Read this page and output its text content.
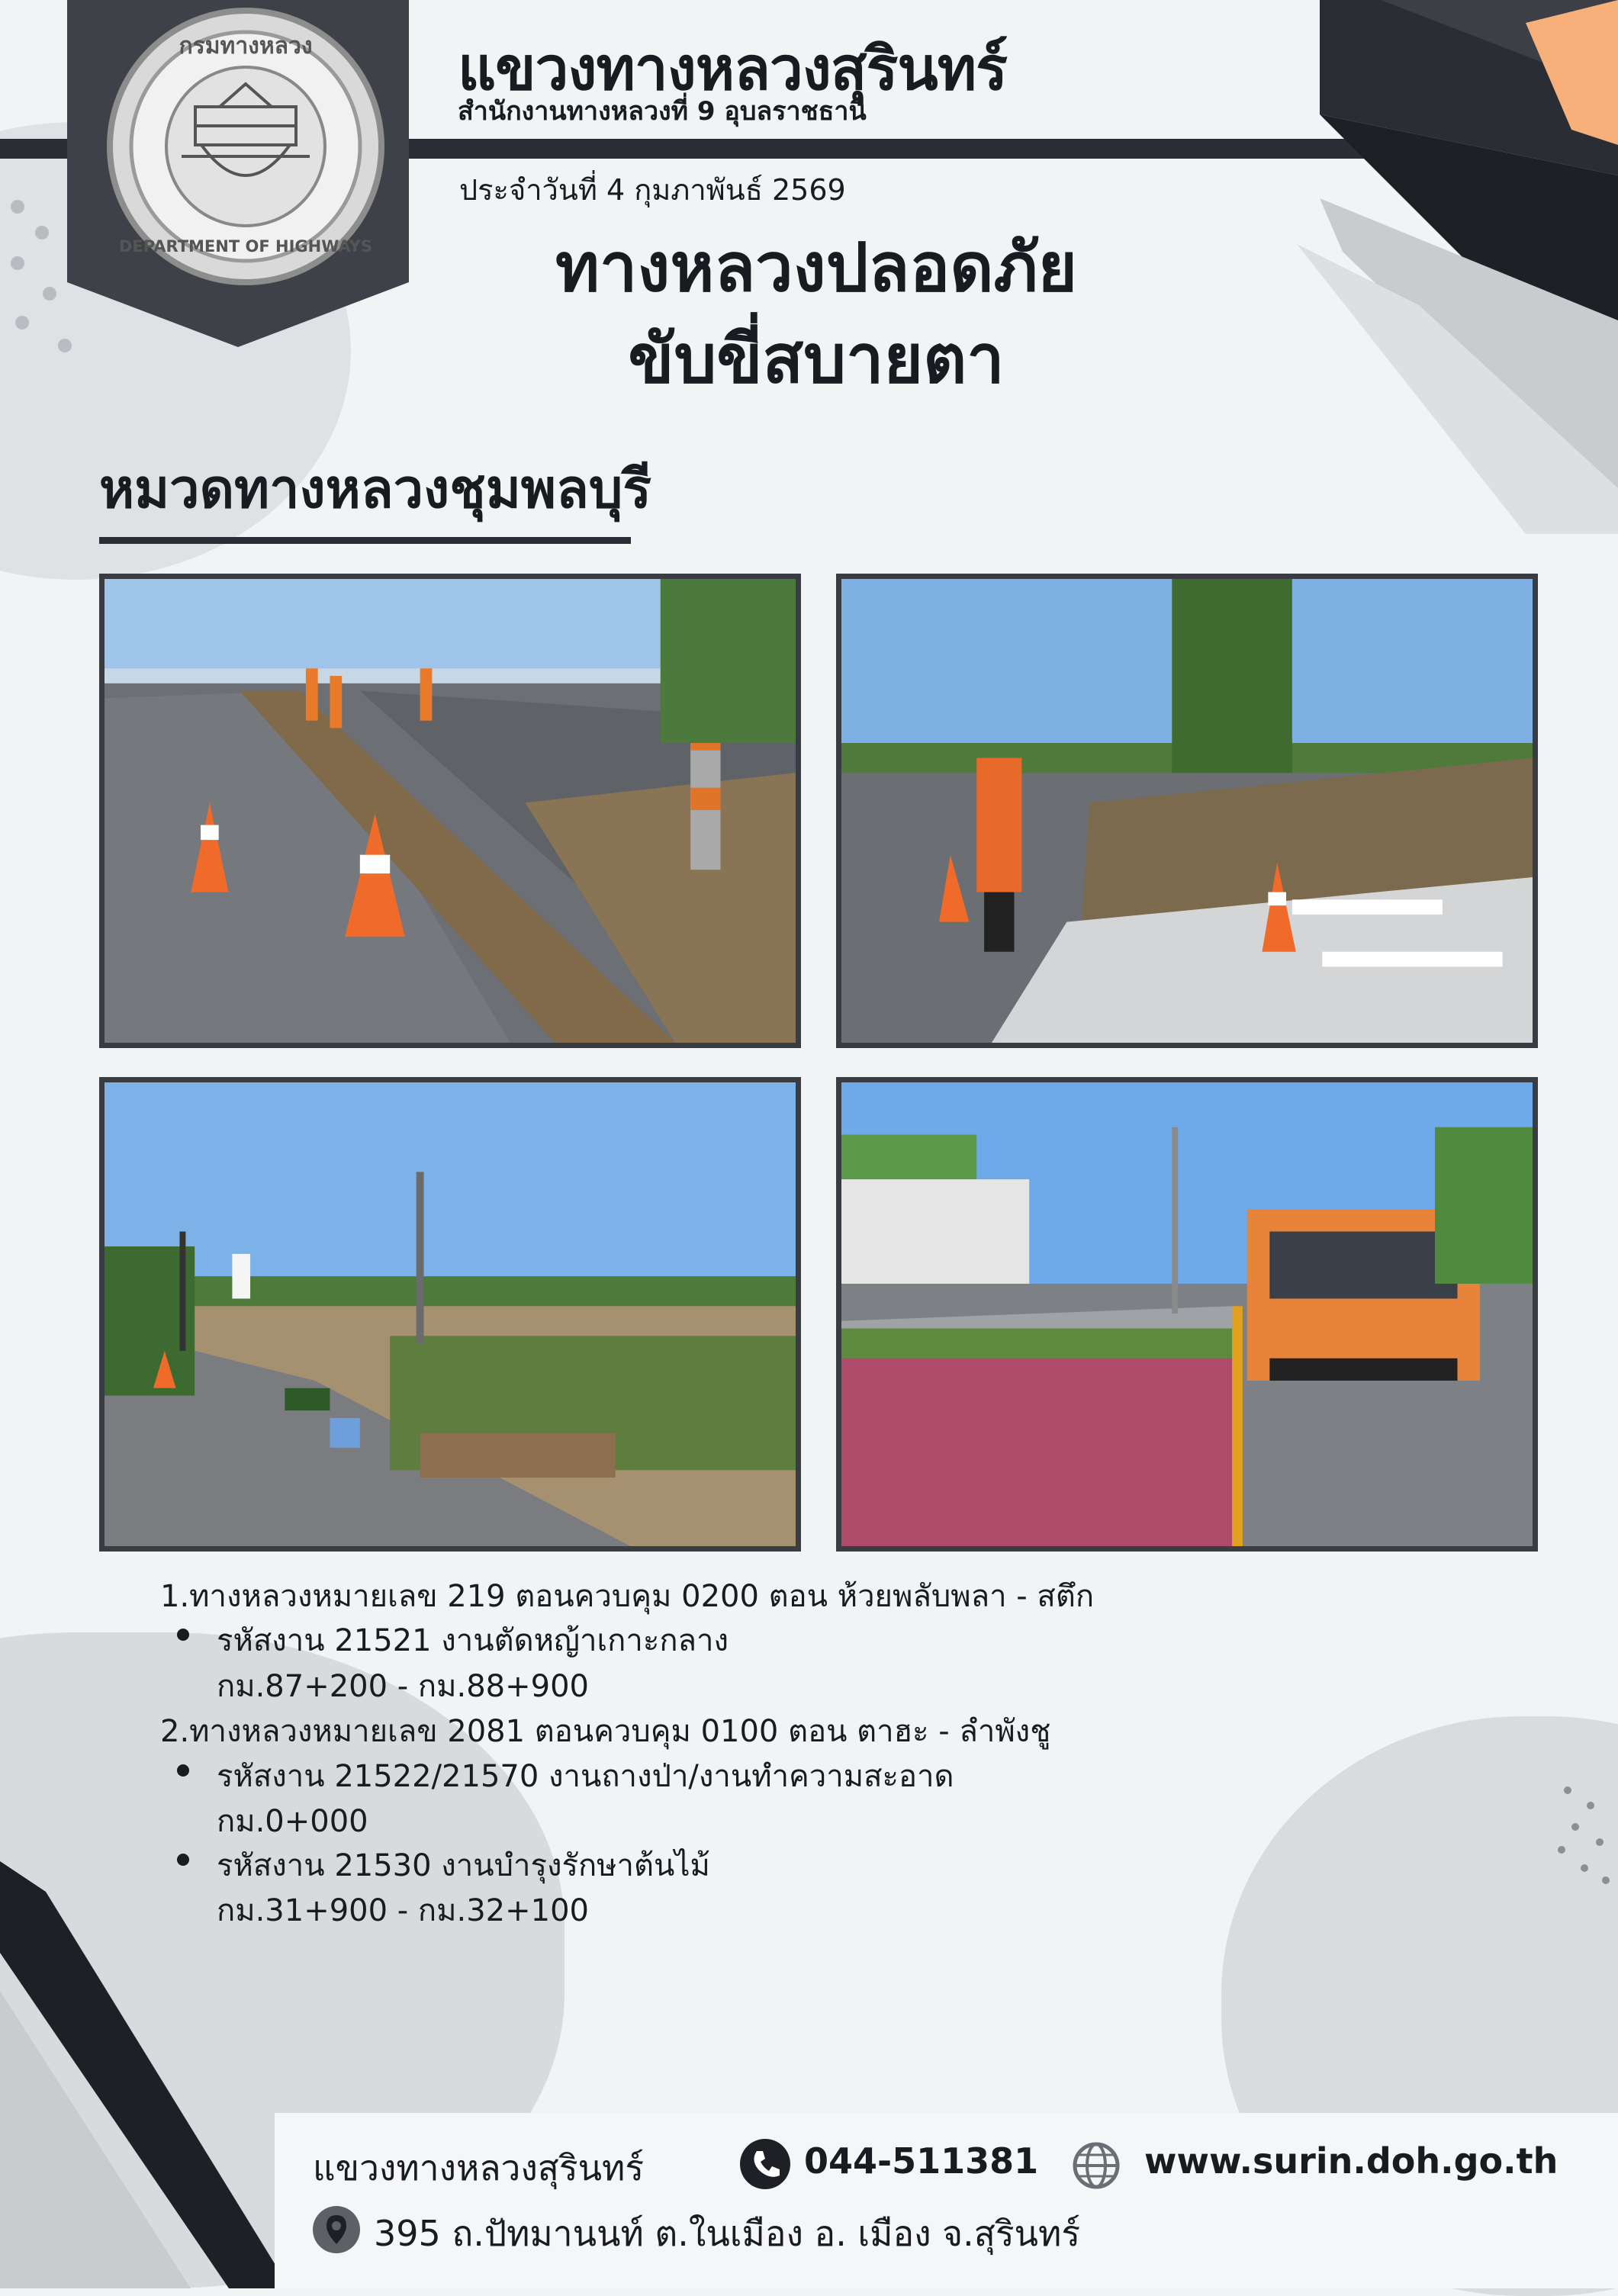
กรมทางหลวง
DEPARTMENT OF HIGHWAYS
แขวงทางหลวงสุรินทร์
สำนักงานทางหลวงที่ 9 อุบลราชธานี
ประจำวันที่ 4 กุมภาพันธ์ 2569
ทางหลวงปลอดภัย
ขับขี่สบายตา
หมวดทางหลวงชุมพลบุรี
1.ทางหลวงหมายเลข 219 ตอนควบคุม 0200 ตอน ห้วยพลับพลา - สตึก
รหัสงาน 21521 งานตัดหญ้าเกาะกลาง
กม.87+200 - กม.88+900
2.ทางหลวงหมายเลข 2081 ตอนควบคุม 0100 ตอน ตาฮะ - ลำพังชู
รหัสงาน 21522/21570 งานถางป่า/งานทำความสะอาด
กม.0+000
รหัสงาน 21530 งานบำรุงรักษาต้นไม้
กม.31+900 - กม.32+100
แขวงทางหลวงสุรินทร์	044-511381	www.surin.doh.go.th
395 ถ.ปัทมานนท์ ต.ในเมือง อ. เมือง จ.สุรินทร์
